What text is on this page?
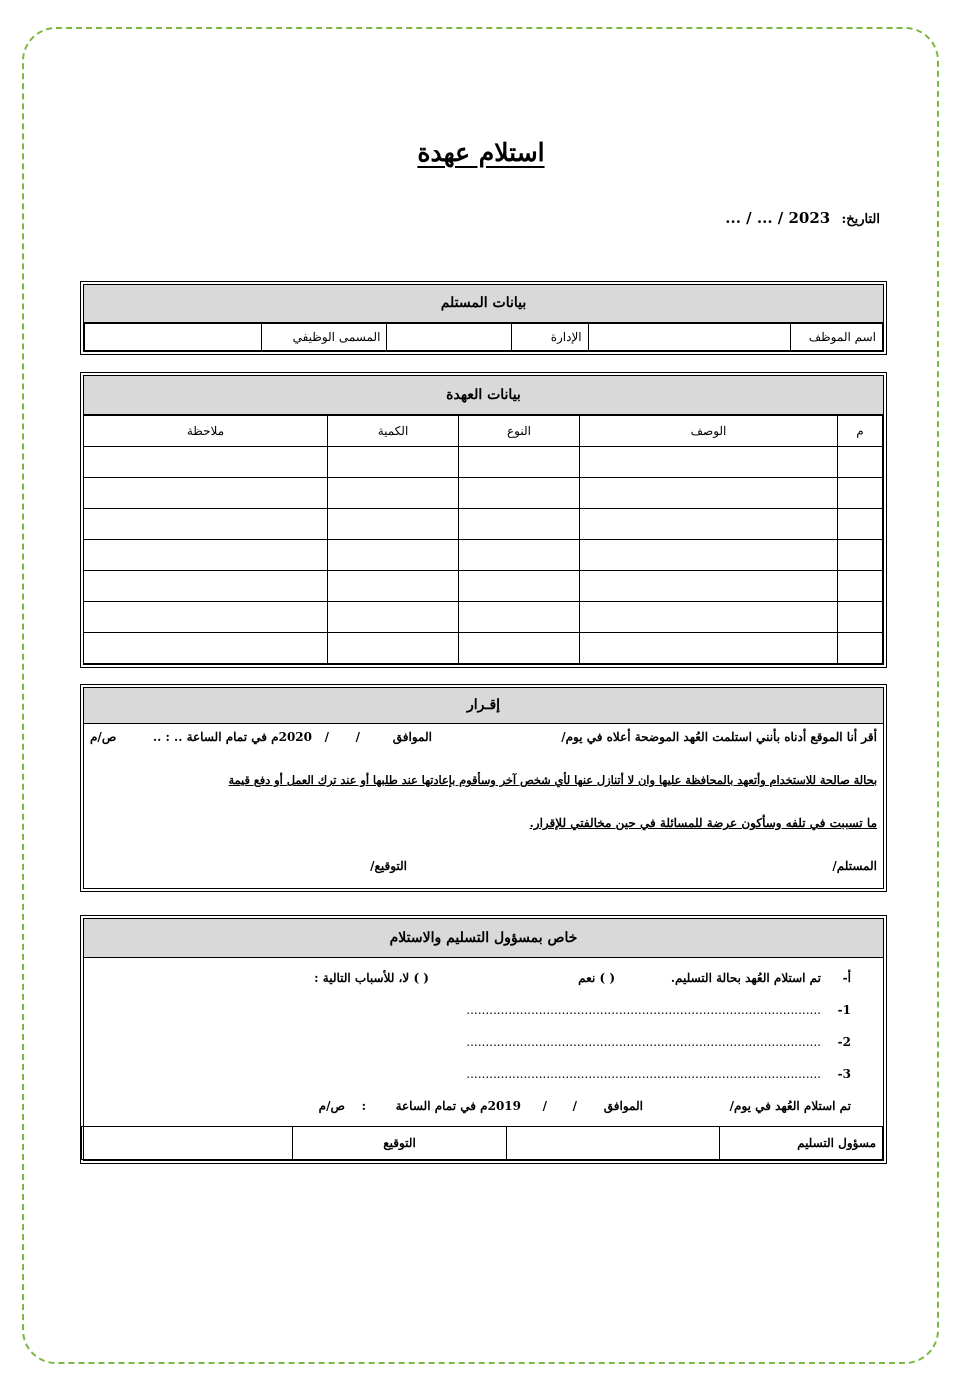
استلام عهدة
التاريخ: ... / ... / 2023
بيانات المستلم
اسم الموظف		الإدارة		المسمى الوظيفي	
بيانات العهدة
م	الوصف	النوع	الكمية	ملاحظة

إقـرار
أقر أنا الموقع أدناه بأنني استلمت العُهد الموضحة أعلاه في يوم/
الموافق
/
/
2020م في تمام الساعة .. : ..
ص/م
بحالة صالحة للاستخدام وأتعهد بالمحافظة عليها وان لا أتنازل عنها لأي شخص آخر وسأقوم بإعادتها عند طلبها أو عند ترك العمل أو دفع قيمة
ما تسببت في تلفه وسأكون عرضة للمسائلة في حين مخالفتي للإقرار.
المستلم/
التوقيع/
خاص بمسؤول التسليم والاستلام
أ-
تم استلام العُهد بحالة التسليم.
( ) نعم
( ) لا، للأسباب التالية :
1-
.............................................................................................
2-
.............................................................................................
3-
.............................................................................................
تم استلام العُهد في يوم/
الموافق
/
/
2019م في تمام الساعة
:
ص/م
مسؤول التسليم		التوقيع	
